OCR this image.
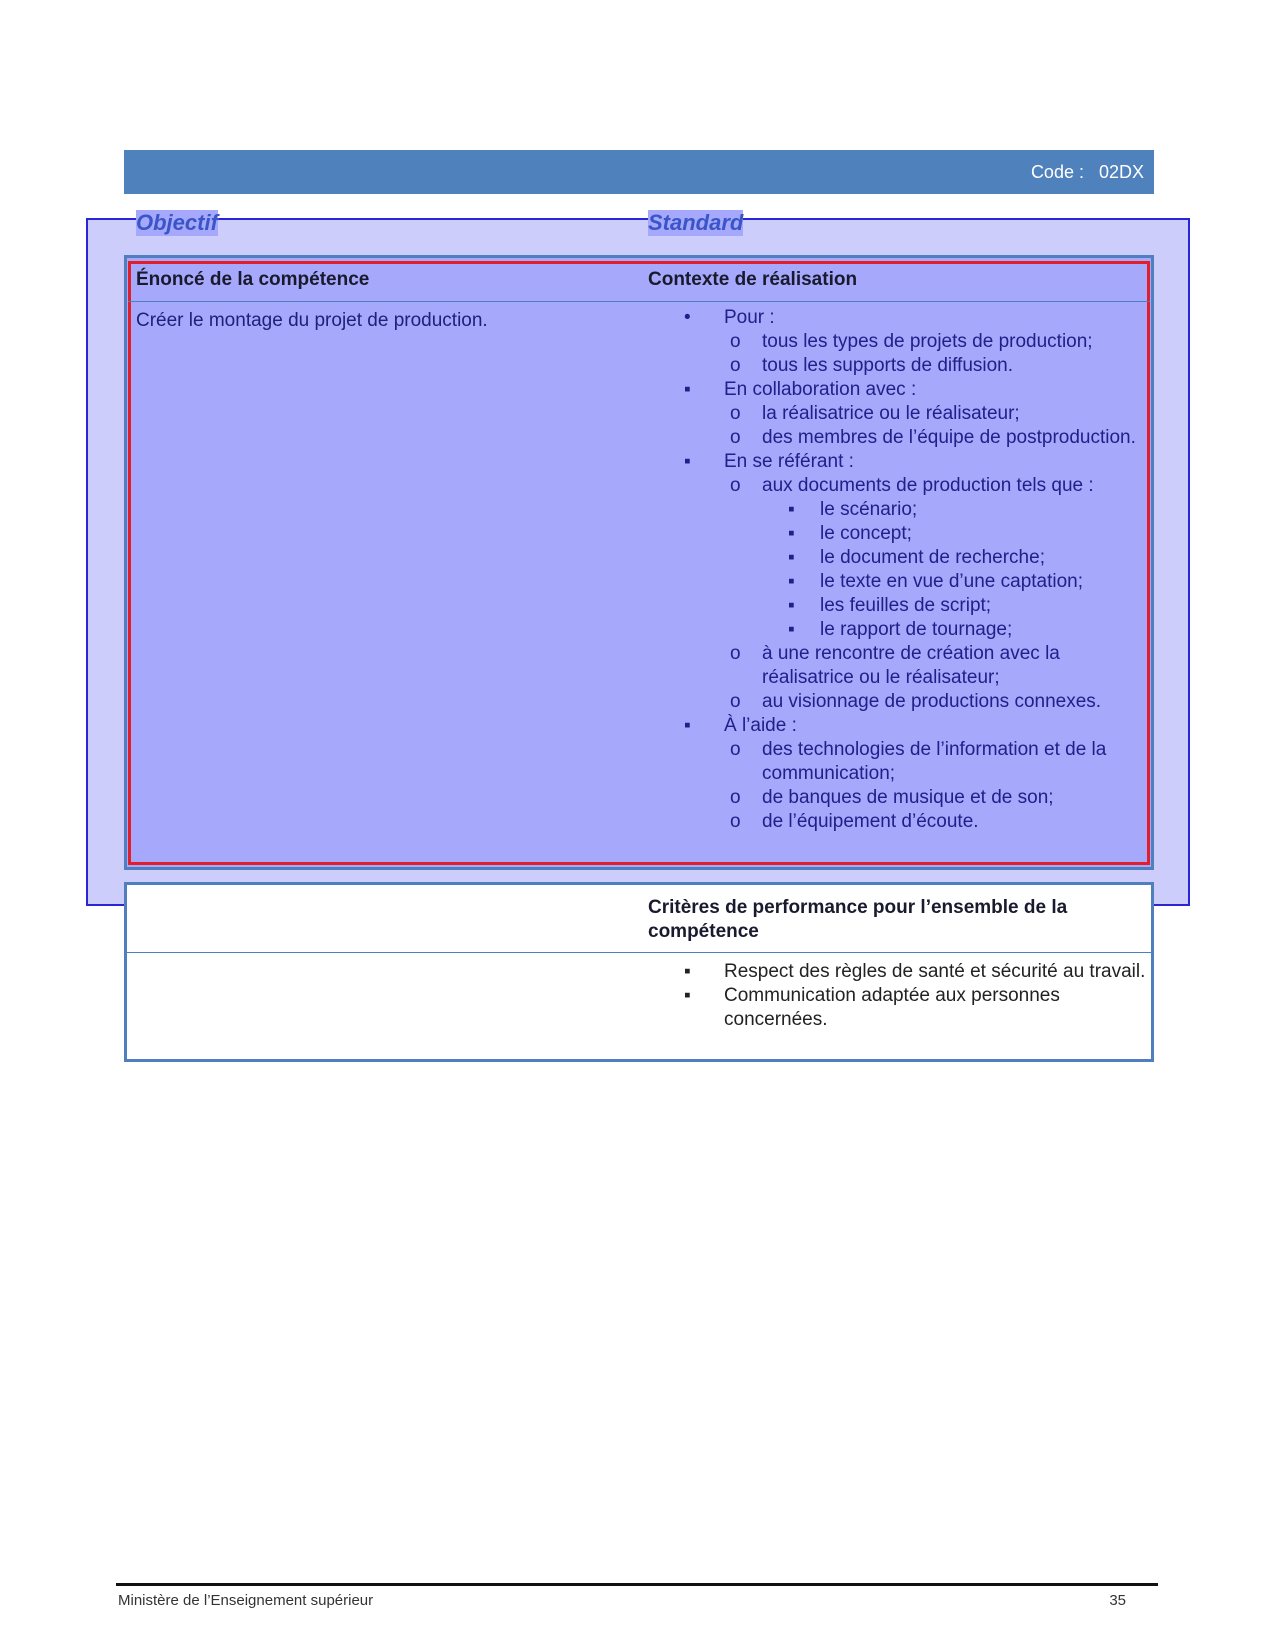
Code :   02DX
Objectif	Standard
Énoncé de la compétence	Contexte de réalisation
Créer le montage du projet de production.	• Pour :
o tous les types de projets de production;
o tous les supports de diffusion.
▪ En collaboration avec :
o la réalisatrice ou le réalisateur;
o des membres de l’équipe de postproduction.
▪ En se référant :
o aux documents de production tels que :
▪ le scénario;
▪ le concept;
▪ le document de recherche;
▪ le texte en vue d’une captation;
▪ les feuilles de script;
▪ le rapport de tournage;
o à une rencontre de création avec la réalisatrice ou le réalisateur;
o au visionnage de productions connexes.
▪ À l’aide :
o des technologies de l’information et de la communication;
o de banques de musique et de son;
o de l’équipement d’écoute.
Critères de performance pour l’ensemble de la compétence
▪ Respect des règles de santé et sécurité au travail.
▪ Communication adaptée aux personnes concernées.
Ministère de l’Enseignement supérieur	35
